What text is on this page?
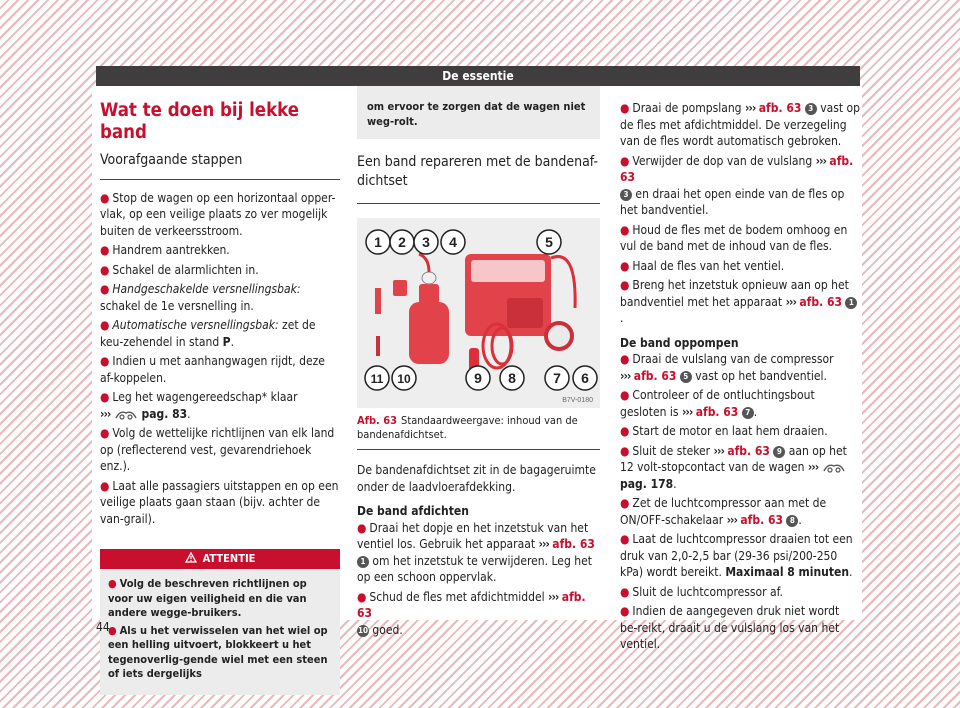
De essentie
Wat te doen bij lekke band
Voorafgaande stappen
● Stop de wagen op een horizontaal opper-vlak, op een veilige plaats zo ver mogelijk buiten de verkeersstroom.
● Handrem aantrekken.
● Schakel de alarmlichten in.
● Handgeschakelde versnellingsbak: schakel de 1e versnelling in.
● Automatische versnellingsbak: zet de keu-zehendel in stand P.
● Indien u met aanhangwagen rijdt, deze af-koppelen.
● Leg het wagengereedschap* klaar
›››  pag. 83.
● Volg de wettelijke richtlijnen van elk land op (reflecterend vest, gevarendriehoek enz.).
● Laat alle passagiers uitstappen en op een veilige plaats gaan staan (bijv. achter de van-grail).
ATTENTIE
● Volg de beschreven richtlijnen op voor uw eigen veiligheid en die van andere wegge-bruikers.
● Als u het verwisselen van het wiel op een helling uitvoert, blokkeert u het tegenoverlig-gende wiel met een steen of iets dergelijks
om ervoor te zorgen dat de wagen niet weg-rolt.
Een band repareren met de bandenaf-dichtset
1 2 3 4	5
6
7
8
9
10
11
B7V-0180
Afb. 63 Standaardweergave: inhoud van de bandenafdichtset.
De bandenafdichtset zit in de bagageruimte onder de laadvloerafdekking.
De band afdichten
● Draai het dopje en het inzetstuk van het ventiel los. Gebruik het apparaat ››› afb. 63
1 om het inzetstuk te verwijderen. Leg het op een schoon oppervlak.
● Schud de fles met afdichtmiddel ››› afb. 63
10 goed.
● Draai de pompslang ››› afb. 63 3 vast op de fles met afdichtmiddel. De verzegeling van de fles wordt automatisch gebroken.
● Verwijder de dop van de vulslang ››› afb. 63
3 en draai het open einde van de fles op het bandventiel.
● Houd de fles met de bodem omhoog en vul de band met de inhoud van de fles.
● Haal de fles van het ventiel.
● Breng het inzetstuk opnieuw aan op het bandventiel met het apparaat ››› afb. 63 1.
De band oppompen
● Draai de vulslang van de compressor
››› afb. 63 5 vast op het bandventiel.
● Controleer of de ontluchtingsbout gesloten is ››› afb. 63 7 .
● Start de motor en laat hem draaien.
● Sluit de steker ››› afb. 63 9 aan op het 12 volt-stopcontact van de wagen ›››  pag. 178.
● Zet de luchtcompressor aan met de ON/OFF-schakelaar ››› afb. 63 8 .
● Laat de luchtcompressor draaien tot een druk van 2,0-2,5 bar (29-36 psi/200-250 kPa) wordt bereikt. Maximaal 8 minuten.
● Sluit de luchtcompressor af.
● Indien de aangegeven druk niet wordt be-reikt, draait u de vulslang los van het ventiel.
44
